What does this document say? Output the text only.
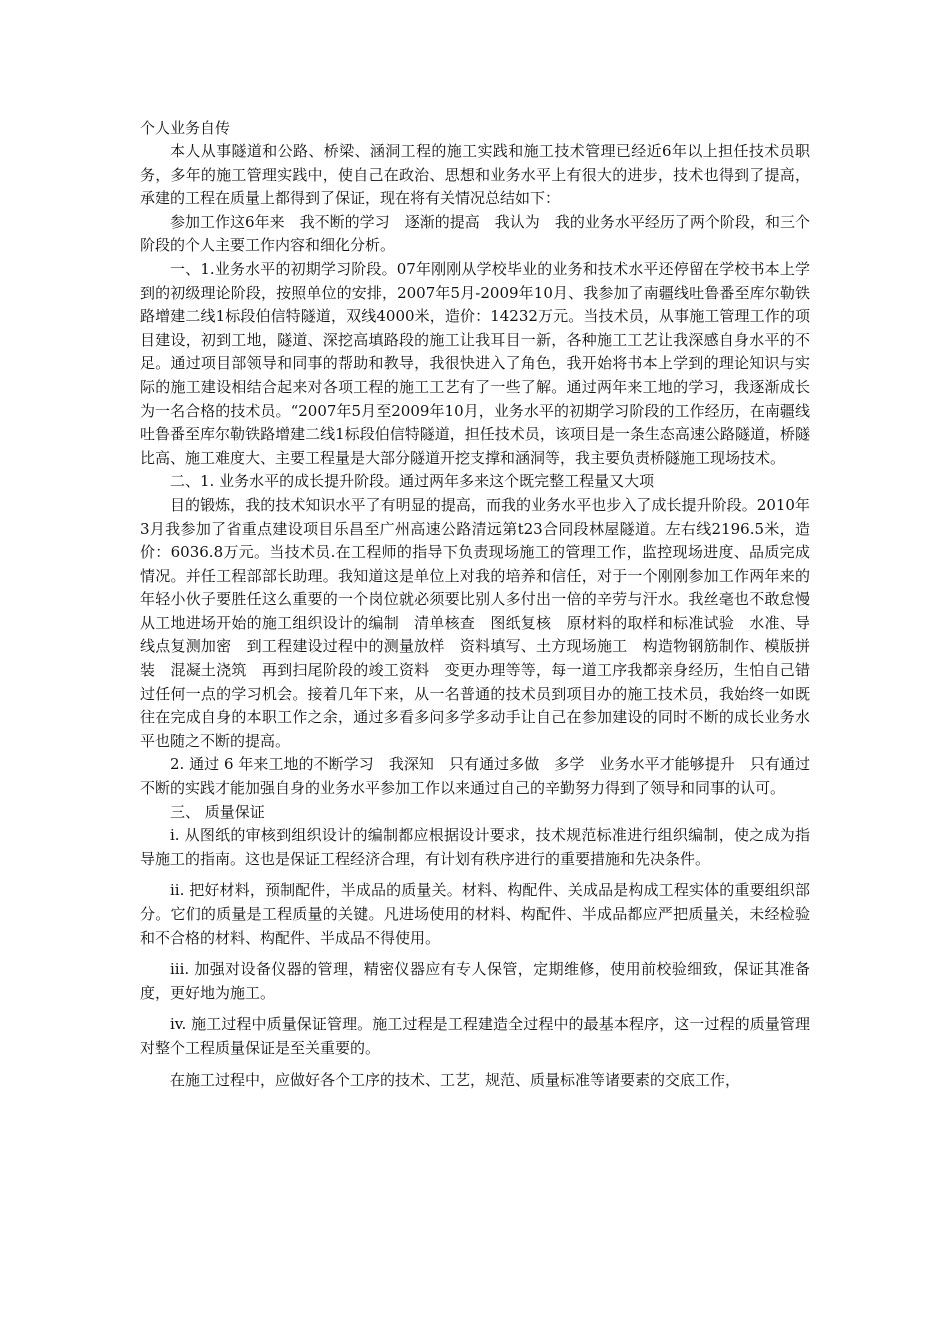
个人业务自传

本人从事隧道和公路、桥梁、涵洞工程的施工实践和施工技术管理已经近6年以上担任技术员职务，多年的施工管理实践中，使自己在政治、思想和业务水平上有很大的进步，技术也得到了提高，承建的工程在质量上都得到了保证，现在将有关情况总结如下：

参加工作这6年来　我不断的学习　逐渐的提高　我认为　我的业务水平经历了两个阶段，和三个阶段的个人主要工作内容和细化分析。

一、1.业务水平的初期学习阶段。07年刚刚从学校毕业的业务和技术水平还停留在学校书本上学到的初级理论阶段，按照单位的安排，2007年5月-2009年10月、我参加了南疆线吐鲁番至库尔勒铁路增建二线1标段伯信特隧道，双线4000米，造价：14232万元。当技术员，从事施工管理工作的项目建设，初到工地，隧道、深挖高填路段的施工让我耳目一新，各种施工工艺让我深感自身水平的不足。通过项目部领导和同事的帮助和教导，我很快进入了角色，我开始将书本上学到的理论知识与实际的施工建设相结合起来对各项工程的施工工艺有了一些了解。通过两年来工地的学习，我逐渐成长为一名合格的技术员。“2007年5月至2009年10月，业务水平的初期学习阶段的工作经历，在南疆线吐鲁番至库尔勒铁路增建二线1标段伯信特隧道，担任技术员，该项目是一条生态高速公路隧道，桥隧比高、施工难度大、主要工程量是大部分隧道开挖支撑和涵洞等，我主要负责桥隧施工现场技术。

二、1. 业务水平的成长提升阶段。通过两年多来这个既完整工程量又大项

目的锻炼，我的技术知识水平了有明显的提高，而我的业务水平也步入了成长提升阶段。2010年3月我参加了省重点建设项目乐昌至广州高速公路清远第t23合同段林屋隧道。左右线2196.5米，造价：6036.8万元。当技术员.在工程师的指导下负责现场施工的管理工作，监控现场进度、品质完成情况。并任工程部部长助理。我知道这是单位上对我的培养和信任，对于一个刚刚参加工作两年来的年轻小伙子要胜任这么重要的一个岗位就必须要比别人多付出一倍的辛劳与汗水。我丝毫也不敢怠慢　从工地进场开始的施工组织设计的编制　清单核查　图纸复核　原材料的取样和标准试验　水准、导线点复测加密　到工程建设过程中的测量放样　资料填写、土方现场施工　构造物钢筋制作、模版拼装　混凝土浇筑　再到扫尾阶段的竣工资料　变更办理等等，每一道工序我都亲身经历，生怕自己错过任何一点的学习机会。接着几年下来，从一名普通的技术员到项目办的施工技术员，我始终一如既往在完成自身的本职工作之余，通过多看多问多学多动手让自己在参加建设的同时不断的成长业务水平也随之不断的提高。

2. 通过 6 年来工地的不断学习　我深知　只有通过多做　多学　业务水平才能够提升　只有通过不断的实践才能加强自身的业务水平参加工作以来通过自己的辛勤努力得到了领导和同事的认可。

三、 质量保证

i. 从图纸的审核到组织设计的编制都应根据设计要求，技术规范标准进行组织编制，使之成为指导施工的指南。这也是保证工程经济合理，有计划有秩序进行的重要措施和先决条件。

ii. 把好材料，预制配件，半成品的质量关。材料、构配件、关成品是构成工程实体的重要组织部分。它们的质量是工程质量的关键。凡进场使用的材料、构配件、半成品都应严把质量关，未经检验和不合格的材料、构配件、半成品不得使用。

iii. 加强对设备仪器的管理，精密仪器应有专人保管，定期维修，使用前校验细致，保证其准备度，更好地为施工。

iv. 施工过程中质量保证管理。施工过程是工程建造全过程中的最基本程序，这一过程的质量管理对整个工程质量保证是至关重要的。

在施工过程中，应做好各个工序的技术、工艺，规范、质量标准等诸要素的交底工作，
